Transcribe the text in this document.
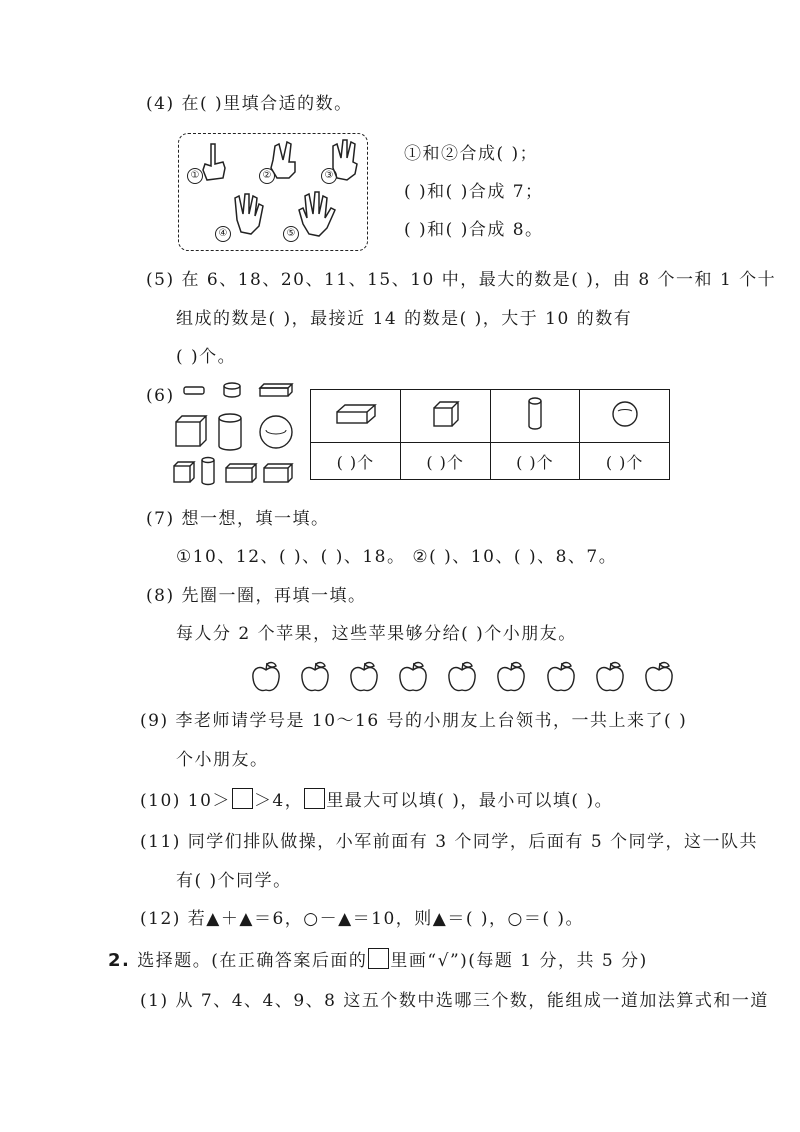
(4) 在( )里填合适的数。
①	②	③
④	⑤
①和②合成( )；
( )和( )合成 7；
( )和( )合成 8。
(5) 在 6、18、20、11、15、10 中，最大的数是( )，由 8 个一和 1 个十
组成的数是( )，最接近 14 的数是( )，大于 10 的数有
( )个。
(6)

( )个	( )个	( )个	( )个
(7) 想一想，填一填。
①10、12、( )、( )、18。 ②( )、10、( )、8、7。
(8) 先圈一圈，再填一填。
每人分 2 个苹果，这些苹果够分给( )个小朋友。

(9) 李老师请学号是 10～16 号的小朋友上台领书，一共上来了( )
个小朋友。
(10) 10＞ ＞4， 里最大可以填( )，最小可以填( )。
(11) 同学们排队做操，小军前面有 3 个同学，后面有 5 个同学，这一队共
有( )个同学。
(12) 若▲＋▲＝6，○－▲＝10，则▲＝( )，○＝( )。
2. 选择题。(在正确答案后面的 里画“√”)(每题 1 分，共 5 分)
(1) 从 7、4、4、9、8 这五个数中选哪三个数，能组成一道加法算式和一道
